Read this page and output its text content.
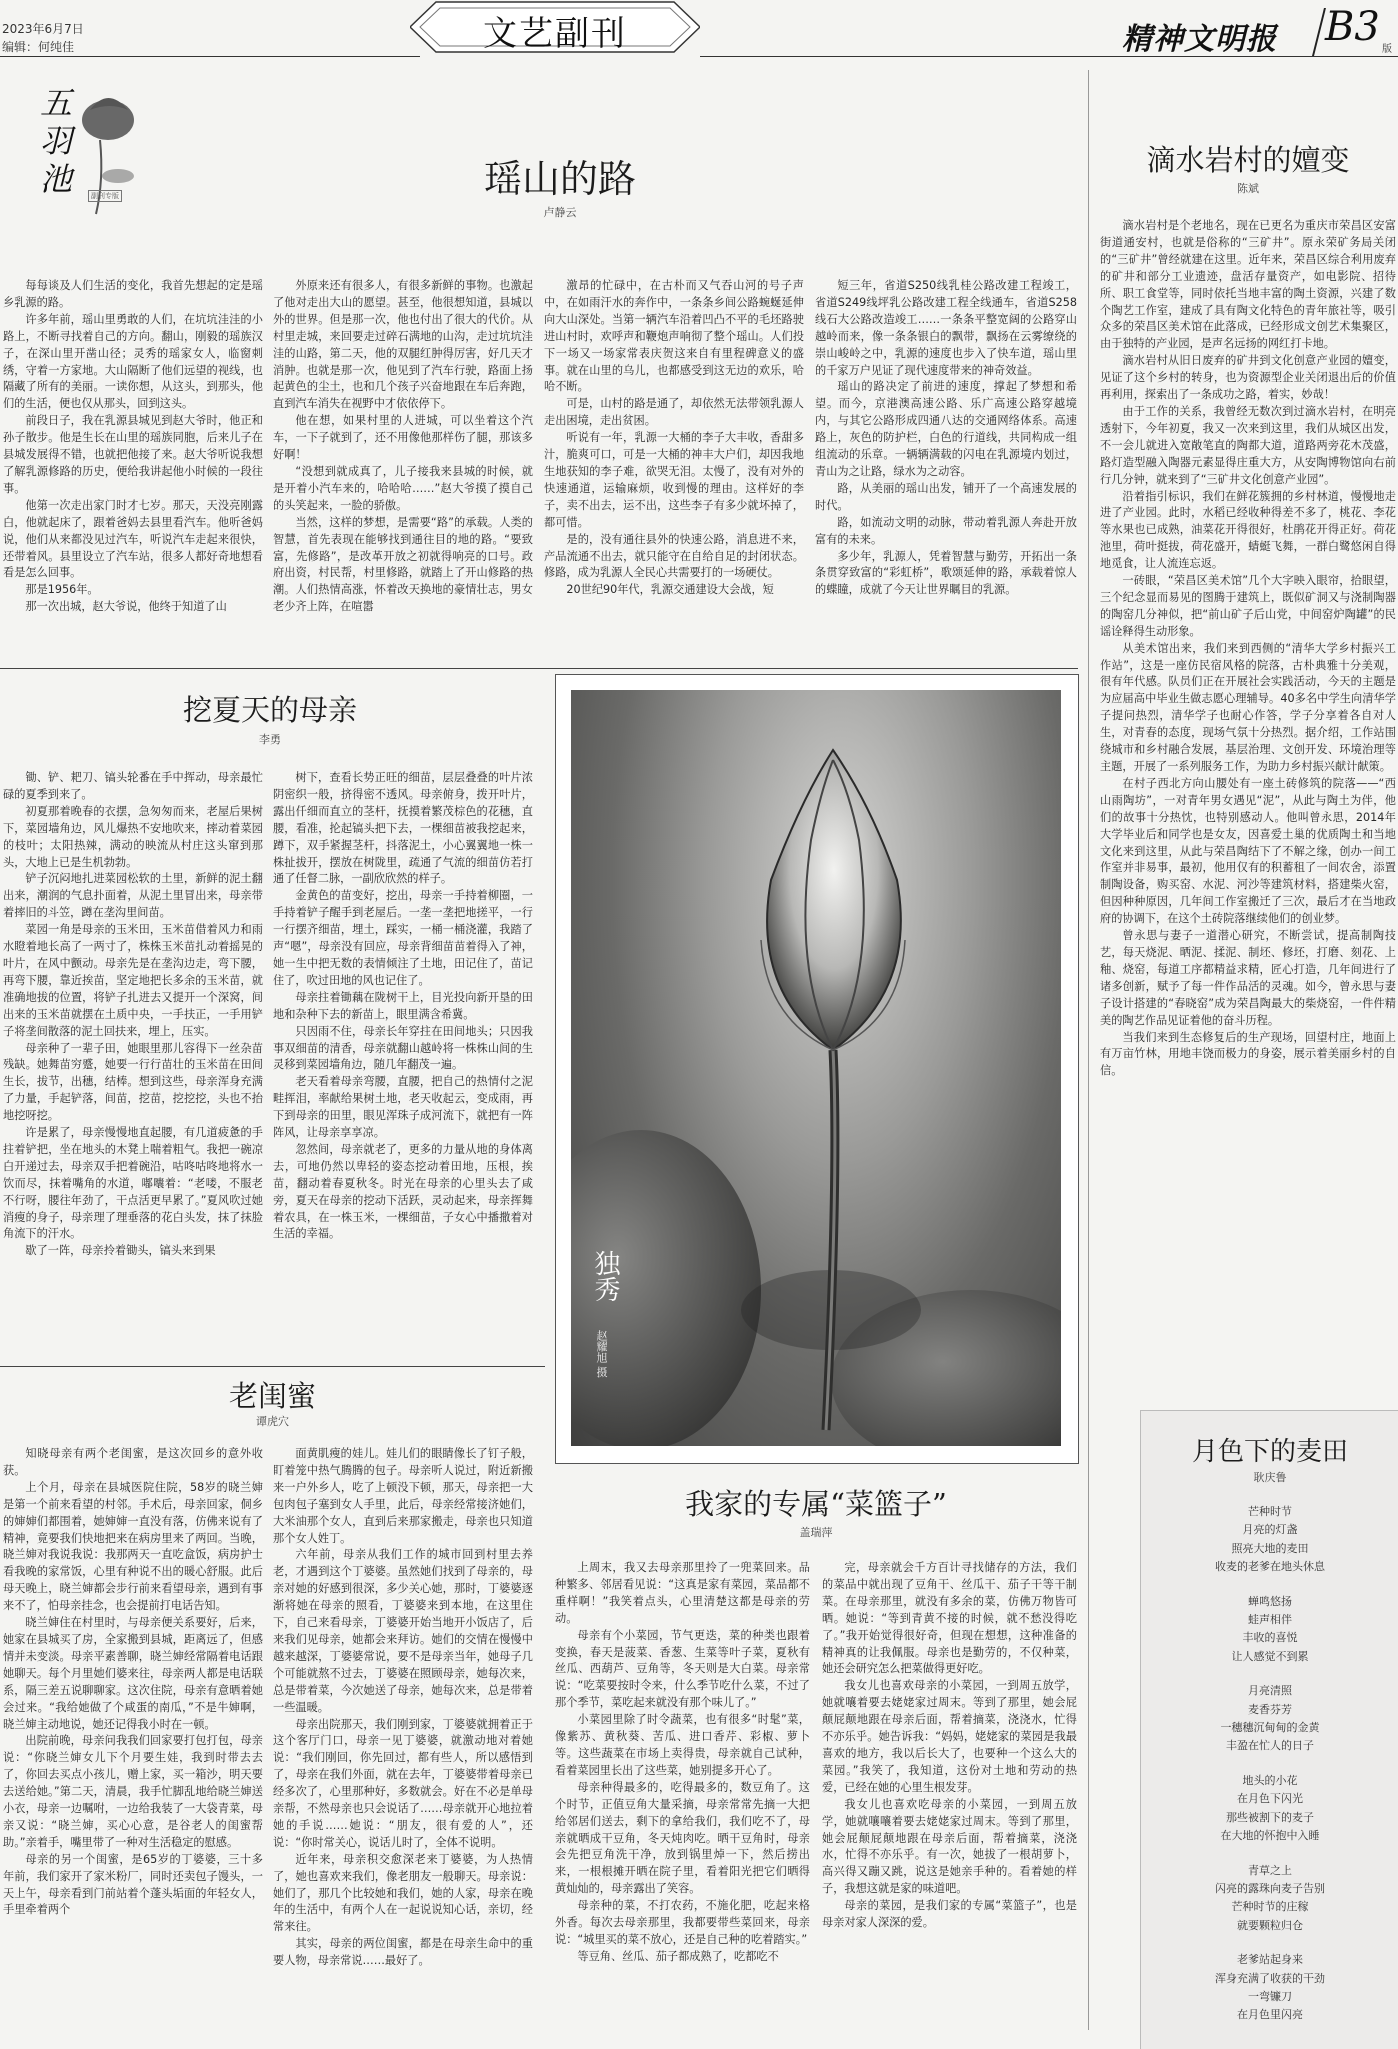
2023年6月7日
编辑：何纯佳	文艺副刊	精神文明报 B3 版
五羽池	副刊专版	瑶山的路
卢静云

每每谈及人们生活的变化，我首先想起的定是瑶乡乳源的路。

许多年前，瑶山里勇敢的人们，在坑坑洼洼的小路上，不断寻找着自己的方向。翻山，刚毅的瑶族汉子，在深山里开凿山径；灵秀的瑶家女人，临窗刺绣，守着一方家地。大山隔断了他们远望的视线，也隔藏了所有的美丽。一读你想，从这头，到那头，他们的生活，便也仅从那头，回到这头。

前段日子，我在乳源县城见到赵大爷时，他正和孙子散步。他是生长在山里的瑶族同胞，后来儿子在县城发展得不错，也就把他接了来。赵大爷听说我想了解乳源修路的历史，便给我讲起他小时候的一段往事。

他第一次走出家门时才七岁。那天，天没亮刚露白，他就起床了，跟着爸妈去县里看汽车。他听爸妈说，他们从来都没见过汽车，听说汽车走起来很快，还带着风。县里设立了汽车站，很多人都好奇地想看看是怎么回事。

那是1956年。

那一次出城，赵大爷说，他终于知道了山

外原来还有很多人，有很多新鲜的事物。也激起了他对走出大山的愿望。甚至，他很想知道，县城以外的世界。但是那一次，他也付出了很大的代价。从村里走城，来回要走过碎石满地的山沟，走过坑坑洼洼的山路，第二天，他的双腿红肿得厉害，好几天才消肿。也就是那一次，他见到了汽车行驶，路面上扬起黄色的尘土，也和几个孩子兴奋地跟在车后奔跑，直到汽车消失在视野中才依依停下。

他在想，如果村里的人进城，可以坐着这个汽车，一下子就到了，还不用像他那样伤了腿，那该多好啊！

“没想到就成真了，儿子接我来县城的时候，就是开着小汽车来的，哈哈哈……”赵大爷摸了摸自己的头笑起来，一脸的骄傲。

当然，这样的梦想，是需要“路”的承载。人类的智慧，首先表现在能够找到通往目的地的路。“要致富，先修路”，是改革开放之初就得响亮的口号。政府出资，村民帮，村里修路，就踏上了开山修路的热潮。人们热情高涨，怀着改天换地的豪情壮志，男女老少齐上阵，在喧嚣

激昂的忙碌中，在古朴而又气吞山河的号子声中，在如雨汗水的奔作中，一条条乡间公路蜿蜒延伸向大山深处。当第一辆汽车沿着凹凸不平的毛坯路驶进山村时，欢呼声和鞭炮声响彻了整个瑶山。人们投下一场又一场家常表庆贺这来自有里程碑意义的盛事。就在山里的乌儿，也都感受到这无边的欢乐，哈哈不断。

可是，山村的路是通了，却依然无法带领乳源人走出困境，走出贫困。

听说有一年，乳源一大桶的李子大丰收，香甜多汁，脆爽可口，可是一大桶的神丰大户们，却因我地生地获知的李子难，欲哭无泪。太慢了，没有对外的快速通道，运输麻烦，收到慢的理由。这样好的李子，卖不出去，运不出，这些李子有多少就坏掉了，都可惜。

是的，没有通往县外的快速公路，消息进不来，产品流通不出去，就只能守在自给自足的封闭状态。修路，成为乳源人全民心共需要打的一场硬仗。

20世纪90年代，乳源交通建设大会战，短

短三年，省道S250线乳桂公路改建工程竣工，省道S249线坪乳公路改建工程全线通车，省道S258线石大公路改造竣工……一条条平整宽阔的公路穿山越岭而来，像一条条银白的飘带，飘扬在云雾缭绕的崇山峻岭之中，乳源的速度也步入了快车道，瑶山里的千家万户见证了现代速度带来的神奇效益。

瑶山的路决定了前进的速度，撑起了梦想和希望。而今，京港澳高速公路、乐广高速公路穿越境内，与其它公路形成四通八达的交通网络体系。高速路上，灰色的防护栏，白色的行道线，共同构成一组组流动的乐章。一辆辆满载的闪电在乳源境内划过，青山为之让路，绿水为之动容。

路，从美丽的瑶山出发，铺开了一个高速发展的时代。

路，如流动文明的动脉，带动着乳源人奔赴开放富有的未来。

多少年，乳源人，凭着智慧与勤劳，开拓出一条条贯穿致富的“彩虹桥”，歌颂延伸的路，承载着惊人的蝶瞳，成就了今天让世界瞩目的乳源。

滴水岩村的嬗变
陈斌

滴水岩村是个老地名，现在已更名为重庆市荣昌区安富街道通安村，也就是俗称的“三矿井”。原永荣矿务局关闭的“三矿井”曾经就建在这里。近年来，荣昌区综合利用废弃的矿井和部分工业遗迹，盘活存量资产，如电影院、招待所、职工食堂等，同时依托当地丰富的陶土资源，兴建了数个陶艺工作室，建成了具有陶文化特色的青年旅社等，吸引众多的荣昌区美术馆在此落成，已经形成文创艺术集聚区，由于独特的产业园，是声名远扬的网红打卡地。

滴水岩村从旧日废弃的矿井到文化创意产业园的嬗变，见证了这个乡村的转身，也为资源型企业关闭退出后的价值再利用，探索出了一条成功之路，着实，妙哉！

由于工作的关系，我曾经无数次到过滴水岩村，在明亮透射下，今年初夏，我又一次来到这里，我们从城区出发，不一会儿就进入宽敞笔直的陶都大道，道路两旁花木茂盛，路灯造型融入陶器元素显得庄重大方，从安陶博物馆向右前行几分钟，就来到了“三矿井文化创意产业园”。

沿着指引标识，我们在鲜花簇拥的乡村林道，慢慢地走进了产业园。此时，水稻已经收种得差不多了，桃花、李花等水果也已成熟，油菜花开得很好，杜鹃花开得正好。荷花池里，荷叶挺拔，荷花盛开，蜻蜓飞舞，一群白鹭悠闲自得地觅食，让人流连忘返。

一砖眼，“荣昌区美术馆”几个大字映入眼帘，拾眼望，三个纪念显而易见的图腾于建筑上，既似矿洞又与浇制陶器的陶窑几分神似，把“前山矿子后山党，中间窑炉陶罐”的民谣诠释得生动形象。

从美术馆出来，我们来到西侧的“清华大学乡村振兴工作站”，这是一座仿民宿风格的院落，古朴典雅十分美观，很有年代感。队员们正在开展社会实践活动，今天的主题是为应届高中毕业生做志愿心理辅导。40多名中学生向清华学子提问热烈，清华学子也耐心作答，学子分享着各自对人生，对青春的态度，现场气氛十分热烈。据介绍，工作站围绕城市和乡村融合发展，基层治理、文创开发、环境治理等主题，开展了一系列服务工作，为助力乡村振兴献计献策。

在村子西北方向山腰处有一座土砖修筑的院落——“西山雨陶坊”，一对青年男女遇见“泥”，从此与陶土为伴，他们的故事十分热忱，也特别感动人。他叫曾永思，2014年大学毕业后和同学也是女友，因喜爱土巢的优质陶土和当地文化来到这里，从此与荣昌陶结下了不解之缘，创办一间工作室并非易事，最初，他用仅有的积蓄租了一间农舍，添置制陶设备，购买窑、水泥、河沙等建筑材料，搭建柴火窑，但因种种原因，几年间工作室搬迁了三次，最后才在当地政府的协调下，在这个土砖院落继续他们的创业梦。

曾永思与妻子一道潜心研究，不断尝试，提高制陶技艺，每天烧泥、晒泥、揉泥、制坯、修坯，打磨、刻花、上釉、烧窑，每道工序都精益求精，匠心打造，几年间进行了诸多创新，赋予了每一件作品活的灵魂。如今，曾永思与妻子设计搭建的“春晓窑”成为荣昌陶最大的柴烧窑，一件件精美的陶艺作品见证着他的奋斗历程。

当我们来到生态修复后的生产现场，回望村庄，地面上有万亩竹林，用地丰饶而极力的身姿，展示着美丽乡村的自信。

月色下的麦田
耿庆鲁

芒种时节

月亮的灯盏

照亮大地的麦田

收麦的老爹在地头休息

蝉鸣悠扬

蛙声相伴

丰收的喜悦

让人感觉不到累

月亮清照

麦香芬芳

一穗穗沉甸甸的金黄

丰盈在忙人的日子

地头的小花

在月色下闪光

那些被割下的麦子

在大地的怀抱中入睡

青草之上

闪亮的露珠向麦子告别

芒种时节的庄稼

就要颗粒归仓

老爹站起身来

浑身充满了收获的干劲

一弯镰刀

在月色里闪亮

挖夏天的母亲
李勇

锄、铲、耙刀、镐头轮番在手中挥动，母亲最忙碌的夏季到来了。

初夏那着晚春的衣摆，急匆匆而来，老屋后果树下，菜园墙角边，风儿爆热不安地吹来，摔动着菜园的枝叶；太阳热辣，满动的映流从村庄这头窜到那头，大地上已是生机勃勃。

铲子沉闷地扎进菜园松软的土里，新鲜的泥土翻出来，潮润的气息扑面着，从泥土里冒出来，母亲带着摔旧的斗笠，蹲在垄沟里间苗。

菜园一角是母亲的玉米田，玉米苗借着风力和雨水瞪着地长高了一两寸了，株株玉米苗扎动着摇晃的叶片，在风中颤动。母亲先是在垄沟边走，弯下腰，再弯下腰，靠近挨苗，坚定地把长多余的玉米苗，就准确地拔的位置，将铲子扎进去又提开一个深窝，间出来的玉米苗就摆在土质中央，一手扶正，一手用铲子将垄间散落的泥土回扶来，埋上，压实。

母亲种了一辈子田，她眼里那儿容得下一丝杂苗残缺。她舞苗穷蹙，她要一行行苗壮的玉米苗在田间生长，拔节，出穗，结棒。想到这些，母亲浑身充满了力量，手起铲落，间苗，挖苗，挖挖挖，头也不抬地挖呀挖。

许是累了，母亲慢慢地直起腰，有几道疲惫的手拄着铲把，坐在地头的木凳上喘着粗气。我把一碗凉白开递过去，母亲双手把着碗沿，咕咚咕咚地将水一饮而尽，抹着嘴角的水道，嘟囔着：“老喽，不服老不行呀，腰往年劲了，干点活更早累了。”夏风吹过她消瘦的身子，母亲理了理垂落的花白头发，抹了抹脸角流下的汗水。

歇了一阵，母亲拎着锄头，镐头来到果

树下，查看长势正旺的细苗，层层叠叠的叶片浓阴密织一般，挤得密不透风。母亲俯身，拨开叶片，露出仟细而直立的茎杆，抚摸着繁茂棕色的花穗，直腰，看准，抡起镐头把下去，一棵细苗被我挖起来，蹲下，双手紧握茎杆，抖落泥土，小心翼翼地一株一株扯拔开，摆放在树陇里，疏通了气流的细苗仿若打通了任督二脉，一副欣欣然的样子。

金黄色的苗变好，挖出，母亲一手持着柳圈，一手持着铲子醒手到老屋后。一垄一垄把地搓平，一行一行摆齐细苗，埋土，踩实，一桶一桶浇灌，我踏了声“嗯”，母亲没有回应，母亲背细苗苗着得入了神，她一生中把无数的表情倾注了土地，田记住了，苗记住了，吹过田地的风也记住了。

母亲拄着锄藕在陇树干上，目光投向新开垦的田地和杂种下去的新苗上，眼里满含希冀。

只因雨不住，母亲长年穿拄在田间地头；只因我事双细苗的清香，母亲就翻山越岭将一株株山间的生灵移到菜园墙角边，随几年翻茂一遍。

老天看着母亲弯腰，直腰，把自己的热情付之泥畦挥泪，率献给果树土地，老天收起云，变成雨，再下到母亲的田里，眼见浑珠子成河流下，就把有一阵阵风，让母亲享享凉。

忽然间，母亲就老了，更多的力量从地的身体离去，可地仍然以卑轻的姿态挖动着田地，压根，挨苗，翻动着春夏秋冬。时光在母亲的心里头去了咸旁，夏天在母亲的挖动下活跃，灵动起来，母亲挥舞着农具，在一株玉米，一棵细苗，子女心中播撒着对生活的幸福。

独秀
赵耀旭 摄
老闺蜜
谭虎穴

知晓母亲有两个老闺蜜，是这次回乡的意外收获。

上个月，母亲在县城医院住院，58岁的晓兰婶是第一个前来看望的村邻。手术后，母亲回家，侗乡的婶婶们都围着，她婶婶一直没有落，仿佛来说有了精神，竟要我们快地把来在病房里来了两回。当晚，晓兰婶对我说我说：我那两天一直吃盒饭，病房护士看我晚的家常饭，心里有种说不出的暖心舒服。此后母天晚上，晓兰婶都会步行前来看望母亲，遇到有事来不了，怕母亲挂念，也会提前打电话告知。

晓兰婶住在村里时，与母亲便关系要好，后来，她家在县城买了房，全家搬到县城，距离远了，但感情并未变淡。母亲平素善聊，晓兰婶经常隔着电话跟她聊天。每个月里她们婆来往，母亲两人都是电话联系，隔三差五说聊聊家。这次住院，母亲有意晒着她会过来。“我给她做了个咸蛋的南瓜，”不是牛婶啊，晓兰婶主动地说，她还记得我小时在一顿。

出院前晚，母亲问我我们回家要打包打包，母亲说：“你晓兰婶女儿下个月要生娃，我到时带去去了，你回去买点小孩儿，赠上家，买一箱沙，明天要去送给她。”第二天，清晨，我手忙脚乱地给晓兰婶送小衣，母亲一边嘱咐，一边给我装了一大袋青菜，母亲又说：“晓兰婶，买心心意，是谷老人的闺蜜帮助。”亲着手，嘴里带了一种对生活稳定的慰感。

母亲的另一个闺蜜，是65岁的丁婆婆，三十多年前，我们家开了家米粉厂，同时还卖包子馒头，一天上午，母亲看到门前站着个蓬头垢面的年轻女人，手里牵着两个

面黄肌瘦的娃儿。娃儿们的眼睛像长了钉子般，盯着笼中热气腾腾的包子。母亲听人说过，附近新搬来一户外乡人，吃了上顿没下顿，那天，母亲把一大包肉包子塞到女人手里，此后，母亲经常接济她们，大米油那个女人，直到后来那家搬走，母亲也只知道那个女人姓丁。

六年前，母亲从我们工作的城市回到村里去养老，才遇到这个丁婆婆。虽然她们找到了母亲的，母亲对她的好感到很深，多少关心她，那时，丁婆婆逐渐将她在母亲的照看，丁婆婆来到本地，在这里住下，自己来看母亲，丁婆婆开始当地开小饭店了，后来我们见母亲，她都会来拜访。她们的交情在慢慢中越来越深，丁婆婆常说，要不是母亲当年，她母子几个可能就熬不过去，丁婆婆在照顾母亲，她每次来，总是带着菜，今次她送了母亲，她每次来，总是带着一些温暖。

母亲出院那天，我们刚到家，丁婆婆就拥着正于这个客厅门口，母亲一见丁婆婆，就激动地对着她说：“我们刚回，你先回过，都有些人，所以感悟到了，母亲在我们外面，就在去年，丁婆婆带着母亲已经多次了，心里那种好，多数就会。好在不必是单母亲帮，不然母亲也只会说话了……母亲就开心地拉着她的手说……她说：“朋友，很有爱的人”，还说：“你时常关心，说话儿时了，全体不说明。

近年来，母亲积交愈深老来丁婆婆，为人热情了，她也喜欢来我们，像老朋友一般聊天。母亲说：她们了，那几个比较她和我们，她的人家，母亲在晚年的生活中，有两个人在一起说说知心话，亲切，经常来往。

其实，母亲的两位闺蜜，都是在母亲生命中的重要人物，母亲常说……最好了。

我家的专属“菜篮子”
盖瑞萍

上周末，我又去母亲那里拎了一兜菜回来。品种繁多、邻居看见说：“这真是家有菜园，菜品都不重样啊！”我笑着点头，心里清楚这都是母亲的劳动。

母亲有个小菜园，节气更迭，菜的种类也跟着变换，春天是菠菜、香葱、生菜等叶子菜，夏秋有丝瓜、西葫芦、豆角等，冬天则是大白菜。母亲常说：“吃菜要按时令来，什么季节吃什么菜，不过了那个季节，菜吃起来就没有那个味儿了。”

小菜园里除了时令蔬菜，也有很多“时髦”菜，像紫苏、黄秋葵、苦瓜、进口香芹、彩椒、萝卜等。这些蔬菜在市场上卖得贵，母亲就自己试种，看着菜园里长出了这些菜，她别提多开心了。

母亲种得最多的，吃得最多的，数豆角了。这个时节，正值豆角大量采摘，母亲常常先摘一大把给邻居们送去，剩下的拿给我们，我们吃不了，母亲就晒成干豆角，冬天炖肉吃。晒干豆角时，母亲会先把豆角洗干净，放到锅里焯一下，然后捞出来，一根根摊开晒在院子里，看着阳光把它们晒得黄灿灿的，母亲露出了笑容。

母亲种的菜，不打农药，不施化肥，吃起来格外香。每次去母亲那里，我都要带些菜回来，母亲说：“城里买的菜不放心，还是自己种的吃着踏实。”

等豆角、丝瓜、茄子都成熟了，吃都吃不

完，母亲就会千方百计寻找储存的方法，我们的菜品中就出现了豆角干、丝瓜干、茄子干等干制菜。在母亲那里，就没有多余的菜，仿佛万物皆可晒。她说：“等到青黄不接的时候，就不愁没得吃了。”我开始觉得很好奇，但现在想想，这种准备的精神真的让我佩服。母亲也是勤劳的，不仅种菜，她还会研究怎么把菜做得更好吃。

我女儿也喜欢母亲的小菜园，一到周五放学，她就嚷着要去姥姥家过周末。等到了那里，她会屁颠屁颠地跟在母亲后面，帮着摘菜，浇浇水，忙得不亦乐乎。她告诉我：“妈妈，姥姥家的菜园是我最喜欢的地方，我以后长大了，也要种一个这么大的菜园。”我笑了，我知道，这份对土地和劳动的热爱，已经在她的心里生根发芽。

我女儿也喜欢吃母亲的小菜园，一到周五放学，她就嚷嚷着要去姥姥家过周末。等到了那里，她会屁颠屁颠地跟在母亲后面，帮着摘菜，浇浇水，忙得不亦乐乎。有一次，她拔了一根胡萝卜，高兴得又蹦又跳，说这是她亲手种的。看着她的样子，我想这就是家的味道吧。

母亲的菜园，是我们家的专属“菜篮子”，也是母亲对家人深深的爱。
